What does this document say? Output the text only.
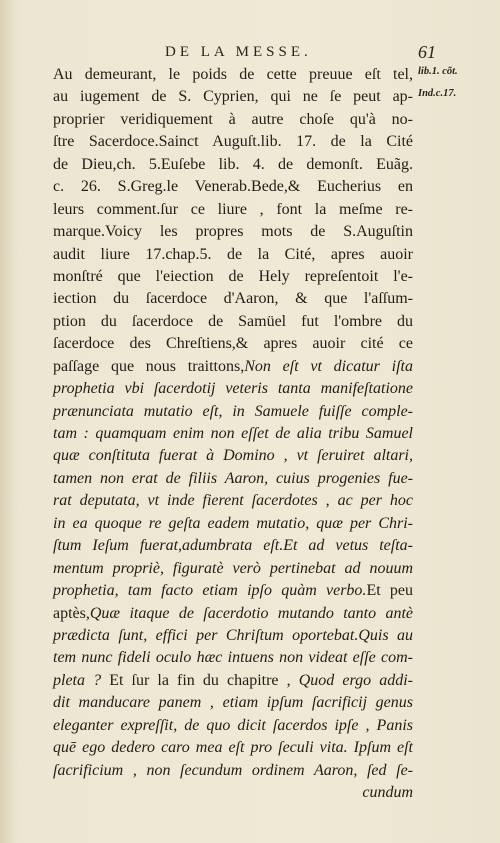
DE LA MESSE.	61
lib.1. cõt.
Ind.c.17.
Au demeurant, le poids de cette preuue eſt tel,
au iugement de S. Cyprien, qui ne ſe peut ap-
proprier veridiquement à autre choſe qu'à no-
ſtre Sacerdoce.Sainct Auguſt.lib. 17. de la Cité
de Dieu,ch. 5.Euſebe lib. 4. de demonſt. Euãg.
c. 26. S.Greg.le Venerab.Bede,& Eucherius en
leurs comment.ſur ce liure , font la meſme re-
marque.Voicy les propres mots de S.Auguſtin
audit liure 17.chap.5. de la Cité, apres auoir
monſtré que l'eiection de Hely repreſentoit l'e-
iection du ſacerdoce d'Aaron, & que l'aſſum-
ption du ſacerdoce de Samüel fut l'ombre du
ſacerdoce des Chreſtiens,& apres auoir cité ce
paſſage que nous traittons,Non eſt vt dicatur iſta
prophetia vbi ſacerdotij veteris tanta manifeſtatione
prænunciata mutatio eſt, in Samuele fuiſſe comple-
tam : quamquam enim non eſſet de alia tribu Samuel
quæ conſtituta fuerat à Domino , vt ſeruiret altari,
tamen non erat de filiis Aaron, cuius progenies fue-
rat deputata, vt inde fierent ſacerdotes , ac per hoc
in ea quoque re geſta eadem mutatio, quæ per Chri-
ſtum Ieſum fuerat,adumbrata eſt.Et ad vetus teſta-
mentum propriè, figuratè verò pertinebat ad nouum
prophetia, tam facto etiam ipſo quàm verbo.Et peu
aptès,Quæ itaque de ſacerdotio mutando tanto antè
prædicta ſunt, effici per Chriſtum oportebat.Quis au
tem nunc fideli oculo hæc intuens non videat eſſe com-
pleta ? Et ſur la fin du chapitre , Quod ergo addi-
dit manducare panem , etiam ipſum ſacrificij genus
eleganter expreſſit, de quo dicit ſacerdos ipſe , Panis
quē ego dedero caro mea eſt pro ſeculi vita. Ipſum eſt
ſacrificium , non ſecundum ordinem Aaron, ſed ſe-
cundum
